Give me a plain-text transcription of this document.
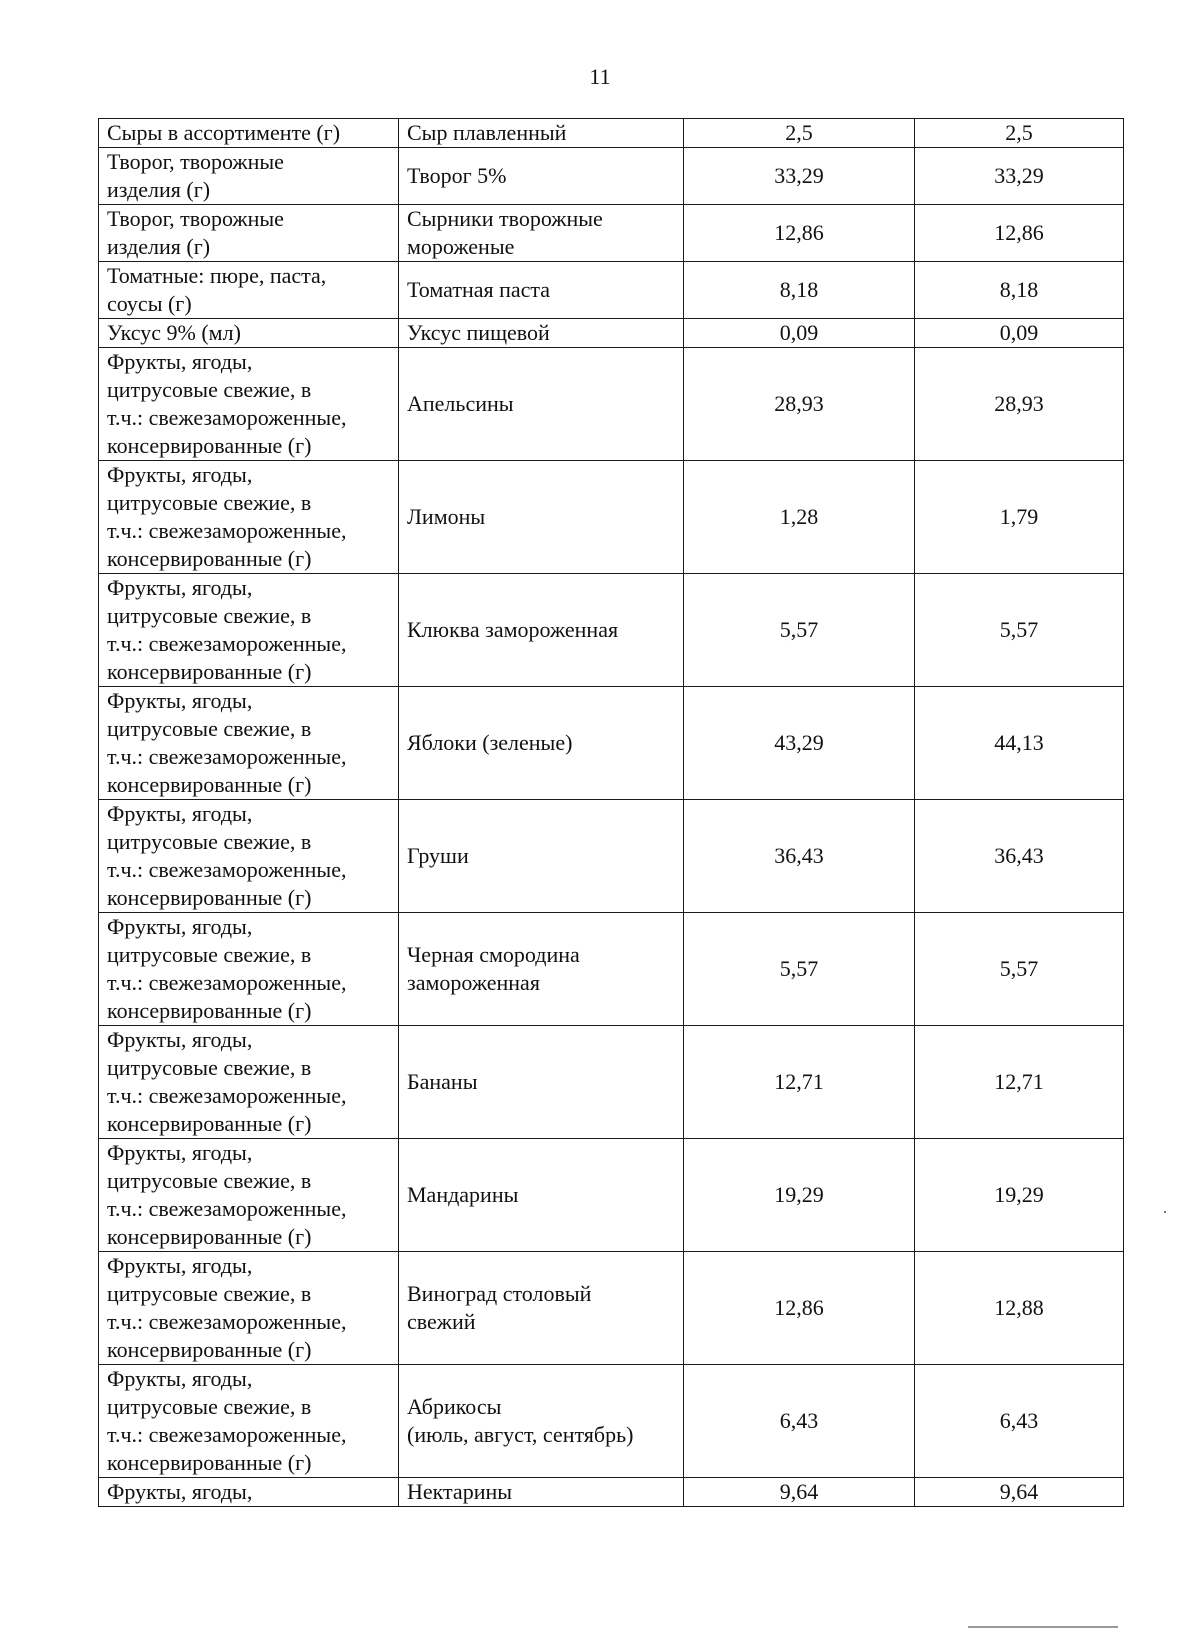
11
Сыры в ассортименте (г)	Сыр плавленный	2,5	2,5

Творог, творожные
изделия (г)	Творог 5%	33,29	33,29

Творог, творожные
изделия (г)	Сырники творожные
мороженые	12,86	12,86

Томатные: пюре, паста,
соусы (г)	Томатная паста	8,18	8,18

Уксус 9% (мл)	Уксус пищевой	0,09	0,09

Фрукты, ягоды,
цитрусовые свежие, в
т.ч.: свежезамороженные,
консервированные (г)	Апельсины	28,93	28,93

Фрукты, ягоды,
цитрусовые свежие, в
т.ч.: свежезамороженные,
консервированные (г)	Лимоны	1,28	1,79

Фрукты, ягоды,
цитрусовые свежие, в
т.ч.: свежезамороженные,
консервированные (г)	Клюква замороженная	5,57	5,57

Фрукты, ягоды,
цитрусовые свежие, в
т.ч.: свежезамороженные,
консервированные (г)	Яблоки (зеленые)	43,29	44,13

Фрукты, ягоды,
цитрусовые свежие, в
т.ч.: свежезамороженные,
консервированные (г)	Груши	36,43	36,43

Фрукты, ягоды,
цитрусовые свежие, в
т.ч.: свежезамороженные,
консервированные (г)	Черная смородина
замороженная	5,57	5,57

Фрукты, ягоды,
цитрусовые свежие, в
т.ч.: свежезамороженные,
консервированные (г)	Бананы	12,71	12,71

Фрукты, ягоды,
цитрусовые свежие, в
т.ч.: свежезамороженные,
консервированные (г)	Мандарины	19,29	19,29

Фрукты, ягоды,
цитрусовые свежие, в
т.ч.: свежезамороженные,
консервированные (г)	Виноград столовый
свежий	12,86	12,88

Фрукты, ягоды,
цитрусовые свежие, в
т.ч.: свежезамороженные,
консервированные (г)	Абрикосы
(июль, август, сентябрь)	6,43	6,43

Фрукты, ягоды,	Нектарины	9,64	9,64
